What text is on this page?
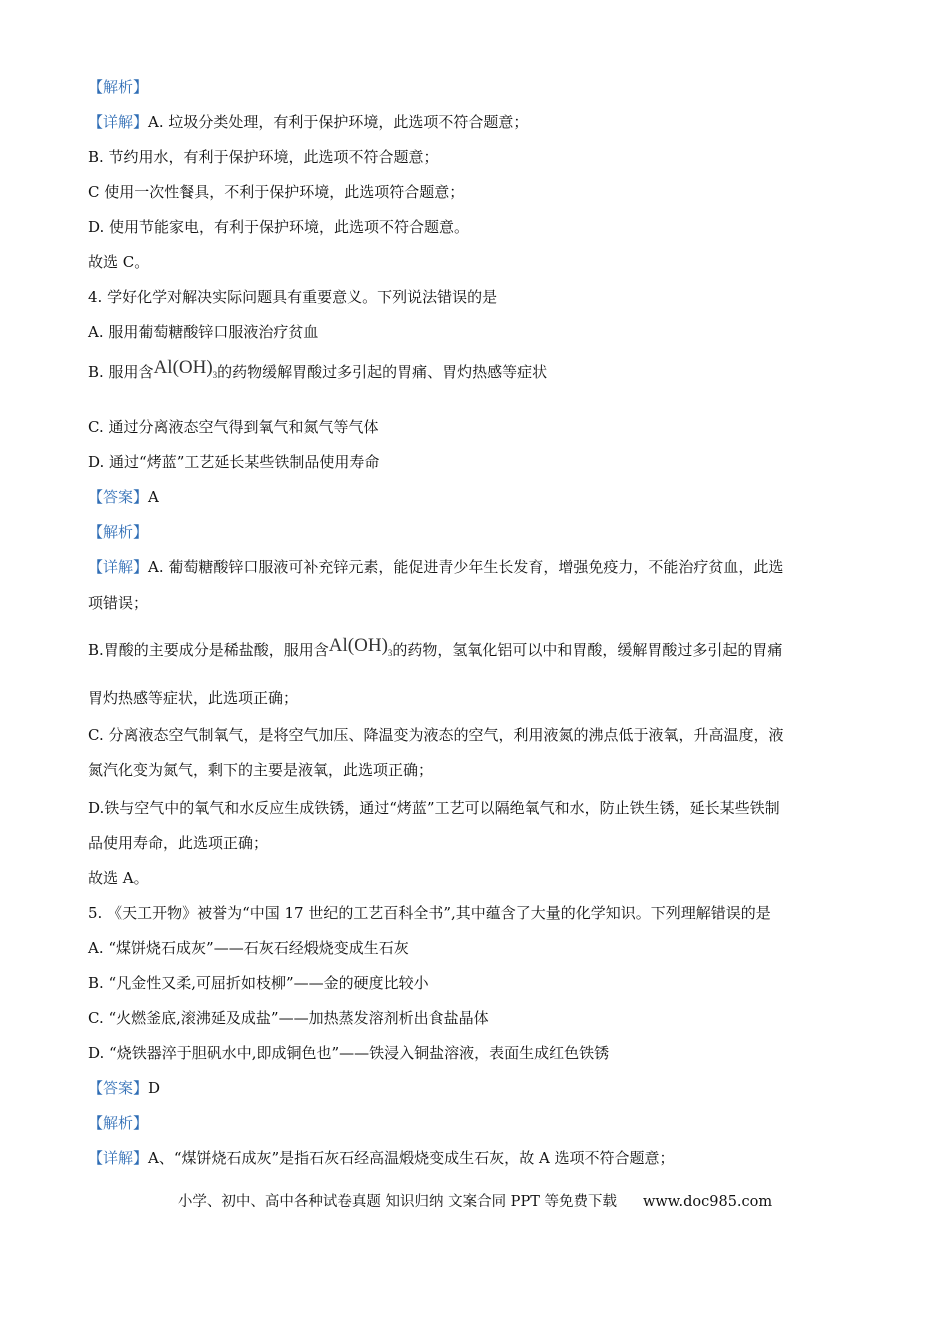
【解析】
【详解】A. 垃圾分类处理，有利于保护环境，此选项不符合题意；
B. 节约用水，有利于保护环境，此选项不符合题意；
C 使用一次性餐具，不利于保护环境，此选项符合题意；
D. 使用节能家电，有利于保护环境，此选项不符合题意。
故选 C。
4. 学好化学对解决实际问题具有重要意义。下列说法错误的是
A. 服用葡萄糖酸锌口服液治疗贫血
B. 服用含$Al(OH)_3$的药物缓解胃酸过多引起的胃痛、胃灼热感等症状
C. 通过分离液态空气得到氧气和氮气等气体
D. 通过“烤蓝”工艺延长某些铁制品使用寿命
【答案】A
【解析】
【详解】A. 葡萄糖酸锌口服液可补充锌元素，能促进青少年生长发育，增强免疫力，不能治疗贫血，此选
项错误；
B.胃酸的主要成分是稀盐酸，服用含$Al(OH)_3$的药物，氢氧化铝可以中和胃酸，缓解胃酸过多引起的胃痛
胃灼热感等症状，此选项正确；
C. 分离液态空气制氧气，是将空气加压、降温变为液态的空气，利用液氮的沸点低于液氧，升高温度，液
氮汽化变为氮气，剩下的主要是液氧，此选项正确；
D.铁与空气中的氧气和水反应生成铁锈，通过“烤蓝”工艺可以隔绝氧气和水，防止铁生锈，延长某些铁制
品使用寿命，此选项正确；
故选 A。
5. 《天工开物》被誉为“中国 17 世纪的工艺百科全书”,其中蕴含了大量的化学知识。下列理解错误的是
A. “煤饼烧石成灰”——石灰石经煅烧变成生石灰
B. “凡金性又柔,可屈折如枝柳”——金的硬度比较小
C. “火燃釜底,滚沸延及成盐”——加热蒸发溶剂析出食盐晶体
D. “烧铁器淬于胆矾水中,即成铜色也”——铁浸入铜盐溶液，表面生成红色铁锈
【答案】D
【解析】
【详解】A、“煤饼烧石成灰”是指石灰石经高温煅烧变成生石灰，故 A 选项不符合题意；
小学、初中、高中各种试卷真题 知识归纳 文案合同 PPT 等免费下载 www.doc985.com
